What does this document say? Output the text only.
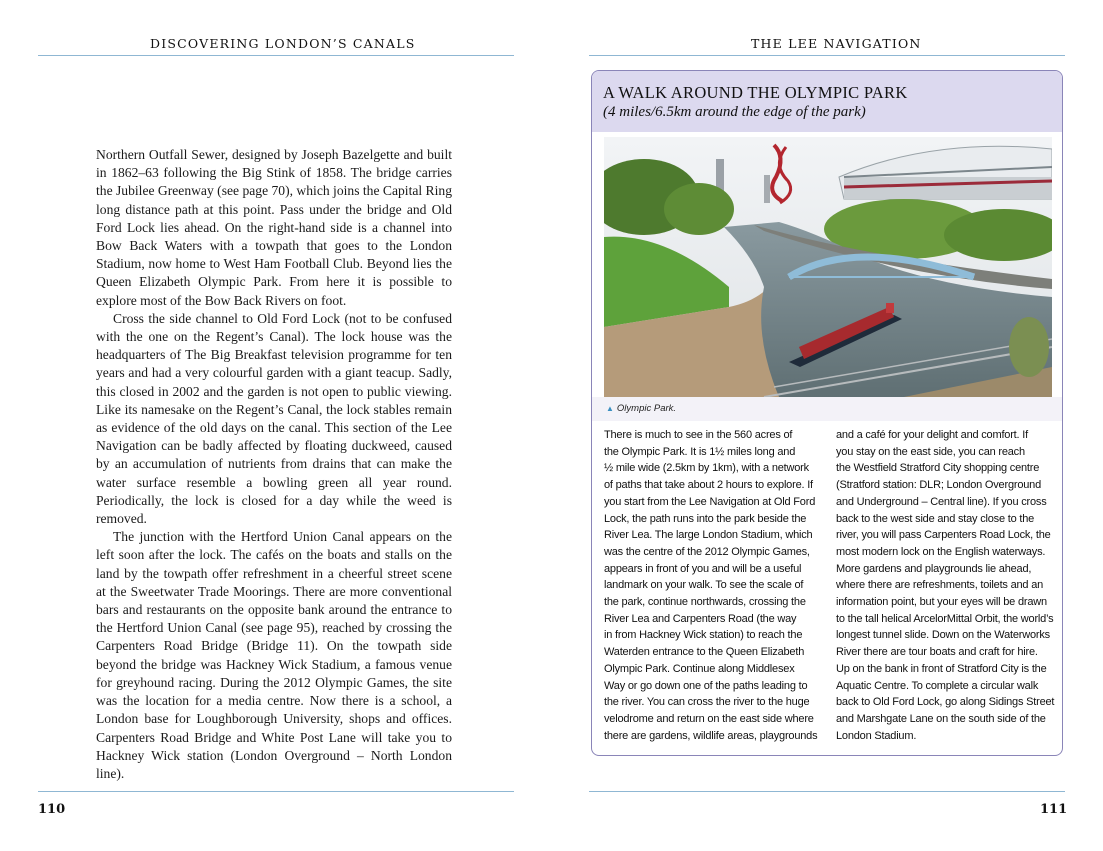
DISCOVERING LONDON’S CANALS

Northern Outfall Sewer, designed by Joseph Bazelgette and built in 1862–63 following the Big Stink of 1858. The bridge carries the Jubilee Greenway (see page 70), which joins the Capital Ring long distance path at this point. Pass under the bridge and Old Ford Lock lies ahead. On the right-hand side is a channel into Bow Back Waters with a towpath that goes to the London Stadium, now home to West Ham Football Club. Beyond lies the Queen Elizabeth Olympic Park. From here it is possible to explore most of the Bow Back Rivers on foot.

Cross the side channel to Old Ford Lock (not to be confused with the one on the Regent’s Canal). The lock house was the headquarters of The Big Breakfast television programme for ten years and had a very colourful garden with a giant teacup. Sadly, this closed in 2002 and the garden is not open to public viewing. Like its namesake on the Regent’s Canal, the lock stables remain as evidence of the old days on the canal. This section of the Lee Navigation can be badly affected by floating duckweed, caused by an accumulation of nutrients from drains that can make the water surface resemble a bowling green all year round. Periodically, the lock is closed for a day while the weed is removed.

The junction with the Hertford Union Canal appears on the left soon after the lock. The cafés on the boats and stalls on the land by the towpath offer refreshment in a cheerful street scene at the Sweetwater Trade Moorings. There are more conventional bars and restaurants on the opposite bank around the entrance to the Hertford Union Canal (see page 95), reached by crossing the Carpenters Road Bridge (Bridge 11). On the towpath side beyond the bridge was Hackney Wick Stadium, a famous venue for greyhound racing. During the 2012 Olympic Games, the site was the location for a media centre. Now there is a school, a London base for Loughborough University, shops and offices. Carpenters Road Bridge and White Post Lane will take you to Hackney Wick station (London Overground – North London line).

110
THE LEE NAVIGATION
A WALK AROUND THE OLYMPIC PARK
(4 miles/6.5km around the edge of the park)
▲ Olympic Park.
There is much to see in the 560 acres of
the Olympic Park. It is 1½ miles long and
½ mile wide (2.5km by 1km), with a network
of paths that take about 2 hours to explore. If
you start from the Lee Navigation at Old Ford
Lock, the path runs into the park beside the
River Lea. The large London Stadium, which
was the centre of the 2012 Olympic Games,
appears in front of you and will be a useful
landmark on your walk. To see the scale of
the park, continue northwards, crossing the
River Lea and Carpenters Road (the way
in from Hackney Wick station) to reach the
Waterden entrance to the Queen Elizabeth
Olympic Park. Continue along Middlesex
Way or go down one of the paths leading to
the river. You can cross the river to the huge
velodrome and return on the east side where
there are gardens, wildlife areas, playgrounds
and a café for your delight and comfort. If
you stay on the east side, you can reach
the Westfield Stratford City shopping centre
(Stratford station: DLR; London Overground
and Underground – Central line). If you cross
back to the west side and stay close to the
river, you will pass Carpenters Road Lock, the
most modern lock on the English waterways.
More gardens and playgrounds lie ahead,
where there are refreshments, toilets and an
information point, but your eyes will be drawn
to the tall helical ArcelorMittal Orbit, the world’s
longest tunnel slide. Down on the Waterworks
River there are tour boats and craft for hire.
Up on the bank in front of Stratford City is the
Aquatic Centre. To complete a circular walk
back to Old Ford Lock, go along Sidings Street
and Marshgate Lane on the south side of the
London Stadium.
111
